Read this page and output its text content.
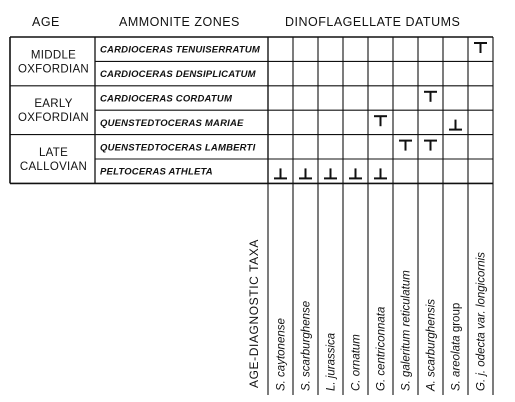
AGE	AMMONITE ZONES	DINOFLAGELLATE DATUMS
MIDDLE
OXFORDIAN
EARLY
OXFORDIAN
LATE
CALLOVIAN
CARDIOCERAS TENUISERRATUM
CARDIOCERAS DENSIPLICATUM
CARDIOCERAS CORDATUM
QUENSTEDTOCERAS MARIAE
QUENSTEDTOCERAS LAMBERTI
PELTOCERAS ATHLETA
S. caytonense S. scarburghense L. jurassica C. ornatum G. centriconnata S. galeritum reticulatum A. scarburghensis S. areolata group G. j. odecta var. longicornis
AGE-DIAGNOSTIC TAXA
